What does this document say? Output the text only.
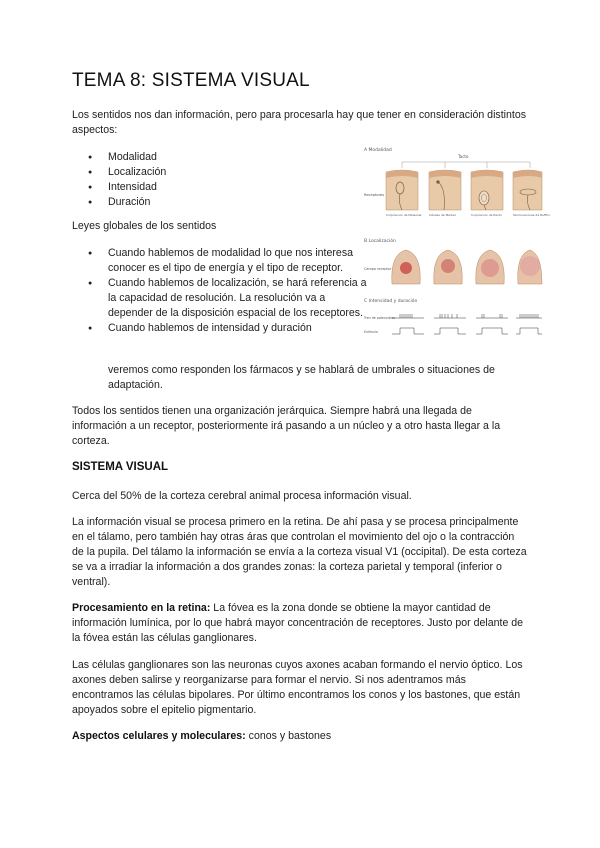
TEMA 8: SISTEMA VISUAL

Los sentidos nos dan información, pero para procesarla hay que tener en consideración distintos aspectos:

● Modalidad
● Localización
● Intensidad
● Duración

Leyes globales de los sentidos

● Cuando hablemos de modalidad lo que nos interesa conocer es el tipo de energía y el tipo de receptor.
● Cuando hablemos de localización, se hará referencia a la capacidad de resolución. La resolución va a depender de la disposición espacial de los receptores.
● Cuando hablemos de intensidad y duración

veremos como responden los fármacos y se hablará de umbrales o situaciones de adaptación.

Todos los sentidos tienen una organización jerárquica. Siempre habrá una llegada de información a un receptor, posteriormente irá pasando a un núcleo y a otro hasta llegar a la corteza.

SISTEMA VISUAL

Cerca del 50% de la corteza cerebral animal procesa información visual.

La información visual se procesa primero en la retina. De ahí pasa y se procesa principalmente en el tálamo, pero también hay otras áras que controlan el movimiento del ojo o la contracción de la pupila. Del tálamo la información se envía a la corteza visual V1 (occipital). De esta corteza se va a irradiar la información a dos grandes zonas: la corteza parietal y temporal (inferior o ventral).

Procesamiento en la retina: La fóvea es la zona donde se obtiene la mayor cantidad de información lumínica, por lo que habrá mayor concentración de receptores. Justo por delante de la fóvea están las células ganglionares.

Las células ganglionares son las neuronas cuyos axones acaban formando el nervio óptico. Los axones deben salirse y reorganizarse para formar el nervio. Si nos adentramos más encontramos las células bipolares. Por último encontramos los conos y los bastones, que están apoyados sobre el epitelio pigmentario.

Aspectos celulares y moleculares: conos y bastones

A Modalidad
Tacto
Receptores
Corpúsculo de Meissner Células de Merkel	Corpúsculo de Pacini	Terminaciones de Ruffini
B Localización
Campo receptor
C Intensidad y duración
Tren de potenciales
Estímulo
